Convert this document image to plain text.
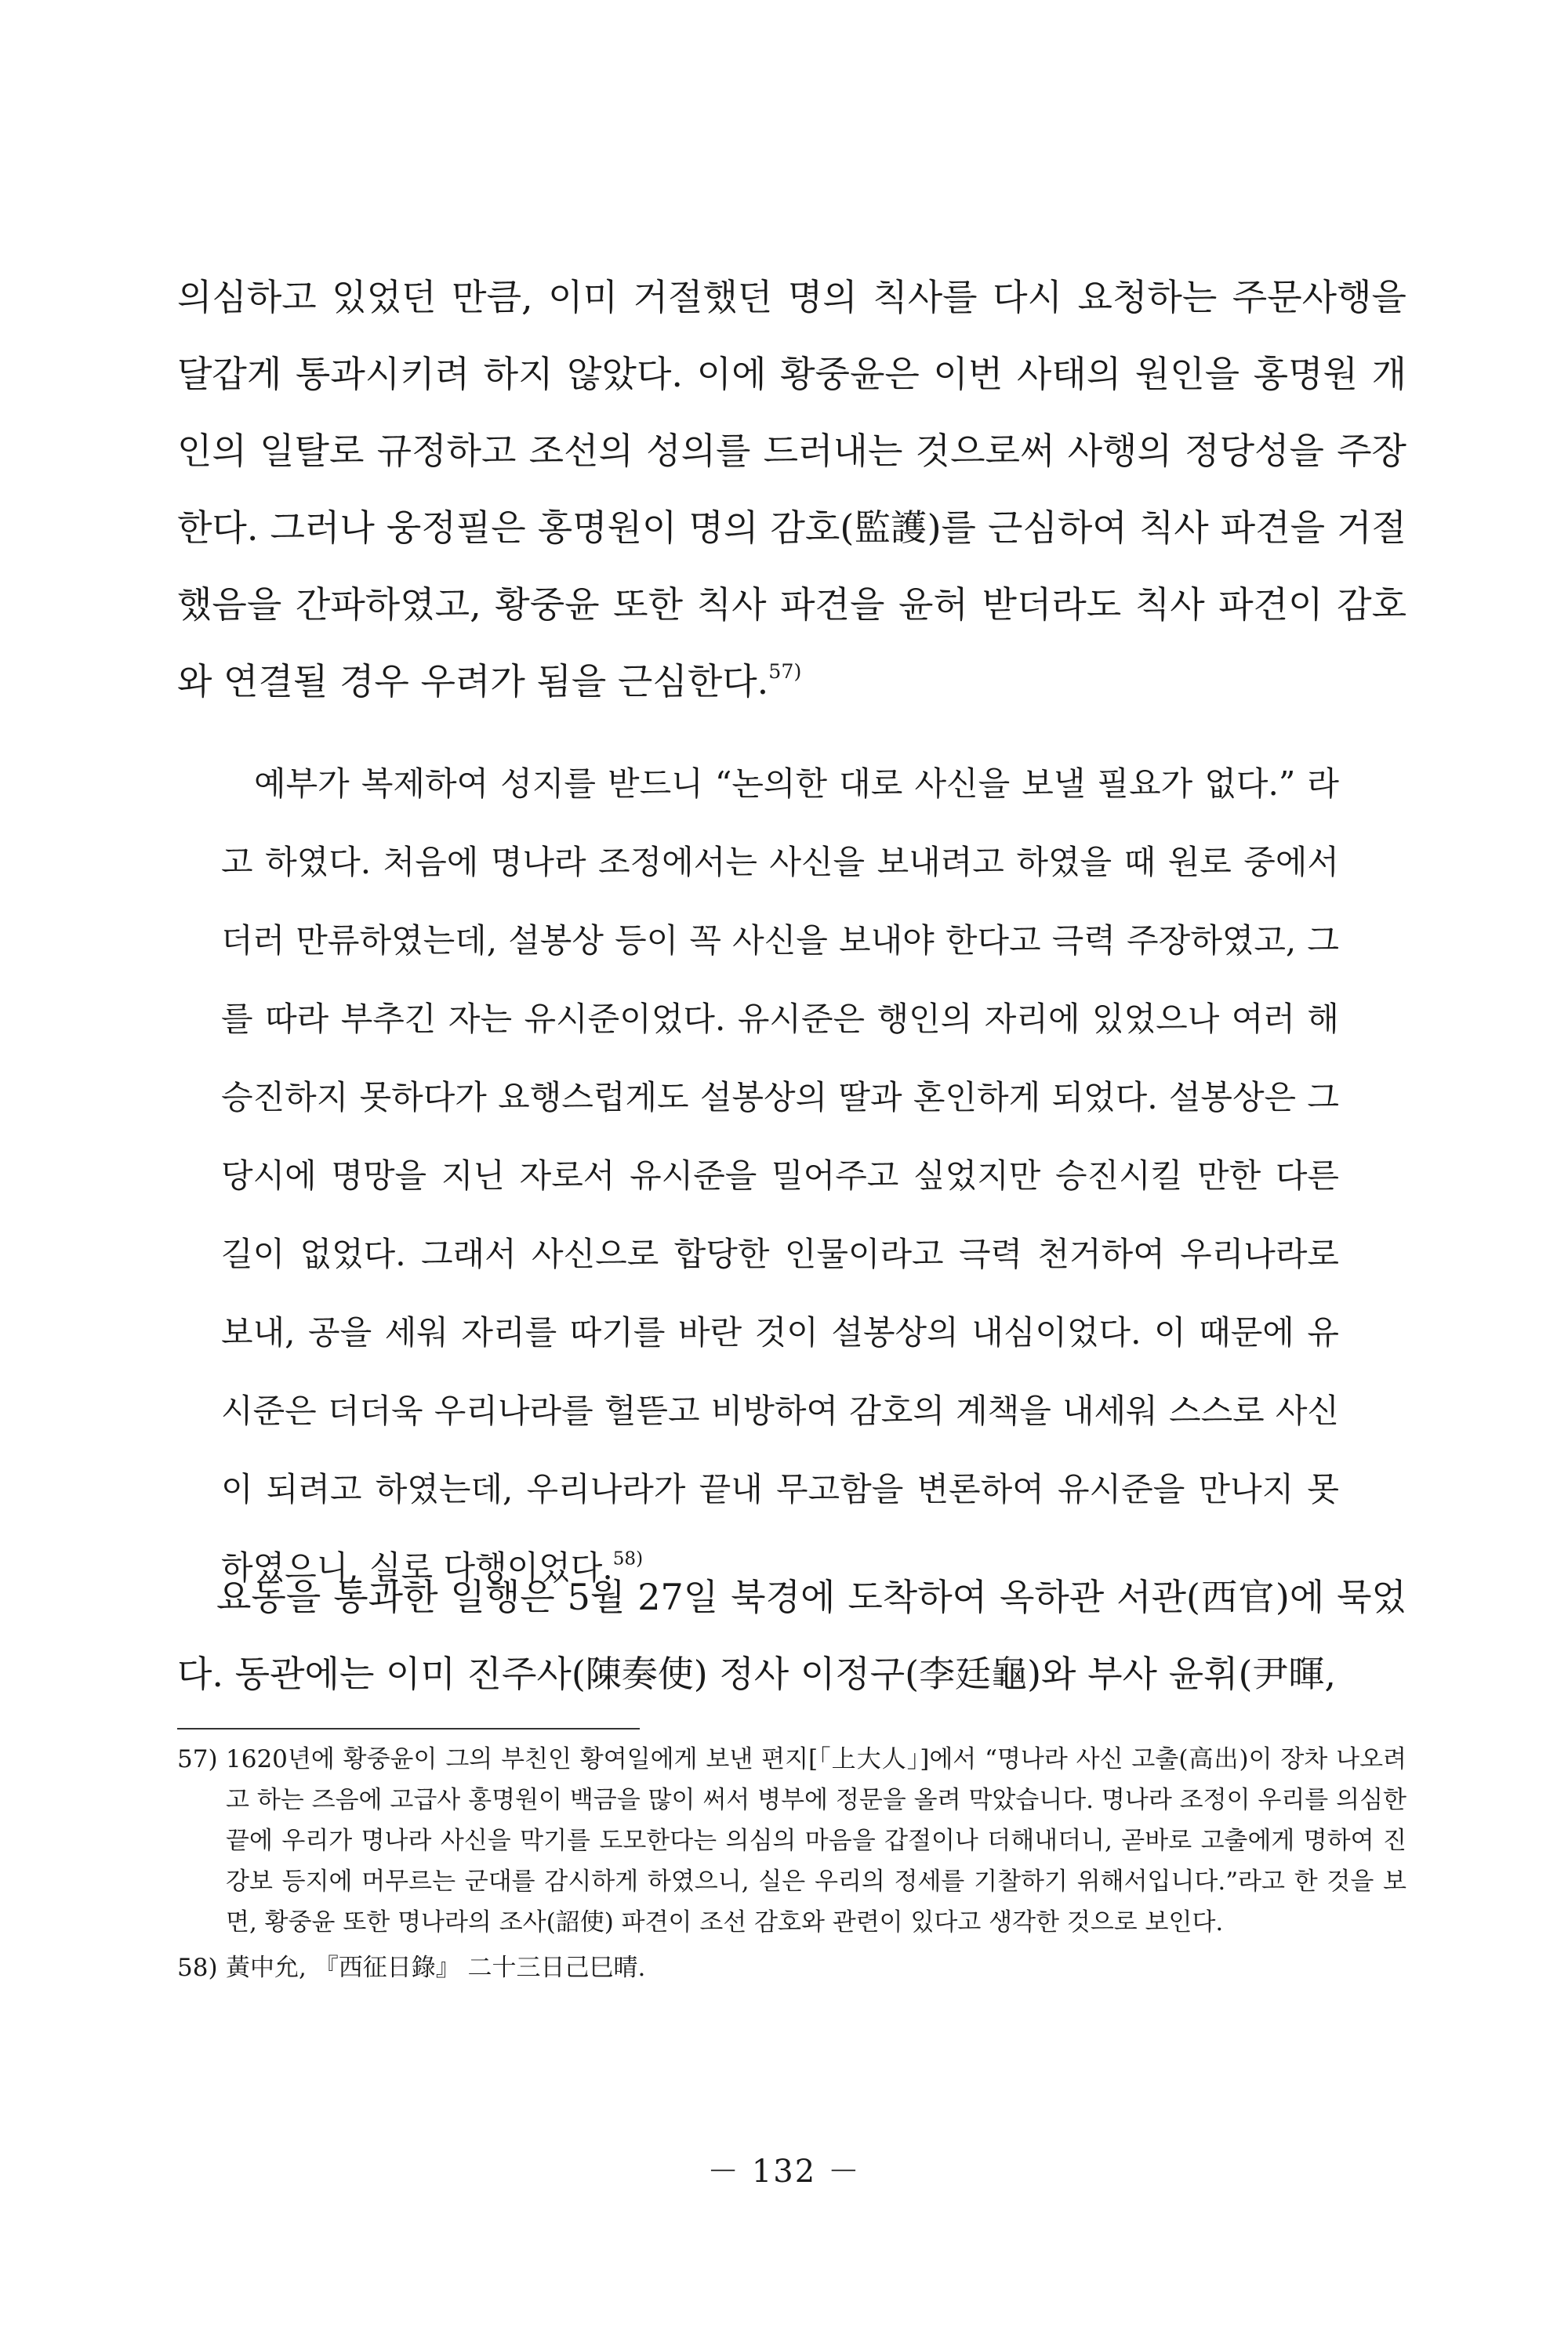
의심하고 있었던 만큼, 이미 거절했던 명의 칙사를 다시 요청하는 주문사행을 달갑게 통과시키려 하지 않았다. 이에 황중윤은 이번 사태의 원인을 홍명원 개인의 일탈로 규정하고 조선의 성의를 드러내는 것으로써 사행의 정당성을 주장한다. 그러나 웅정필은 홍명원이 명의 감호(監護)를 근심하여 칙사 파견을 거절했음을 간파하였고, 황중윤 또한 칙사 파견을 윤허 받더라도 칙사 파견이 감호와 연결될 경우 우려가 됨을 근심한다.$^{57)}$

예부가 복제하여 성지를 받드니 “논의한 대로 사신을 보낼 필요가 없다.” 라고 하였다. 처음에 명나라 조정에서는 사신을 보내려고 하였을 때 원로 중에서 더러 만류하였는데, 설봉상 등이 꼭 사신을 보내야 한다고 극력 주장하였고, 그를 따라 부추긴 자는 유시준이었다. 유시준은 행인의 자리에 있었으나 여러 해 승진하지 못하다가 요행스럽게도 설봉상의 딸과 혼인하게 되었다. 설봉상은 그 당시에 명망을 지닌 자로서 유시준을 밀어주고 싶었지만 승진시킬 만한 다른 길이 없었다. 그래서 사신으로 합당한 인물이라고 극력 천거하여 우리나라로 보내, 공을 세워 자리를 따기를 바란 것이 설봉상의 내심이었다. 이 때문에 유시준은 더더욱 우리나라를 헐뜯고 비방하여 감호의 계책을 내세워 스스로 사신이 되려고 하였는데, 우리나라가 끝내 무고함을 변론하여 유시준을 만나지 못하였으니, 실로 다행이었다.$^{58)}$

요동을 통과한 일행은 5월 27일 북경에 도착하여 옥하관 서관(西官)에 묵었다. 동관에는 이미 진주사(陳奏使) 정사 이정구(李廷龜)와 부사 윤휘(尹暉,

57) 1620년에 황중윤이 그의 부친인 황여일에게 보낸 편지[「上大人」]에서 “명나라 사신 고출(高出)이 장차 나오려고 하는 즈음에 고급사 홍명원이 백금을 많이 써서 병부에 정문을 올려 막았습니다. 명나라 조정이 우리를 의심한 끝에 우리가 명나라 사신을 막기를 도모한다는 의심의 마음을 갑절이나 더해내더니, 곧바로 고출에게 명하여 진강보 등지에 머무르는 군대를 감시하게 하였으니, 실은 우리의 정세를 기찰하기 위해서입니다.”라고 한 것을 보면, 황중윤 또한 명나라의 조사(詔使) 파견이 조선 감호와 관련이 있다고 생각한 것으로 보인다.
58) 黃中允, 『西征日錄』 二十三日己巳晴.
－ 132 －
